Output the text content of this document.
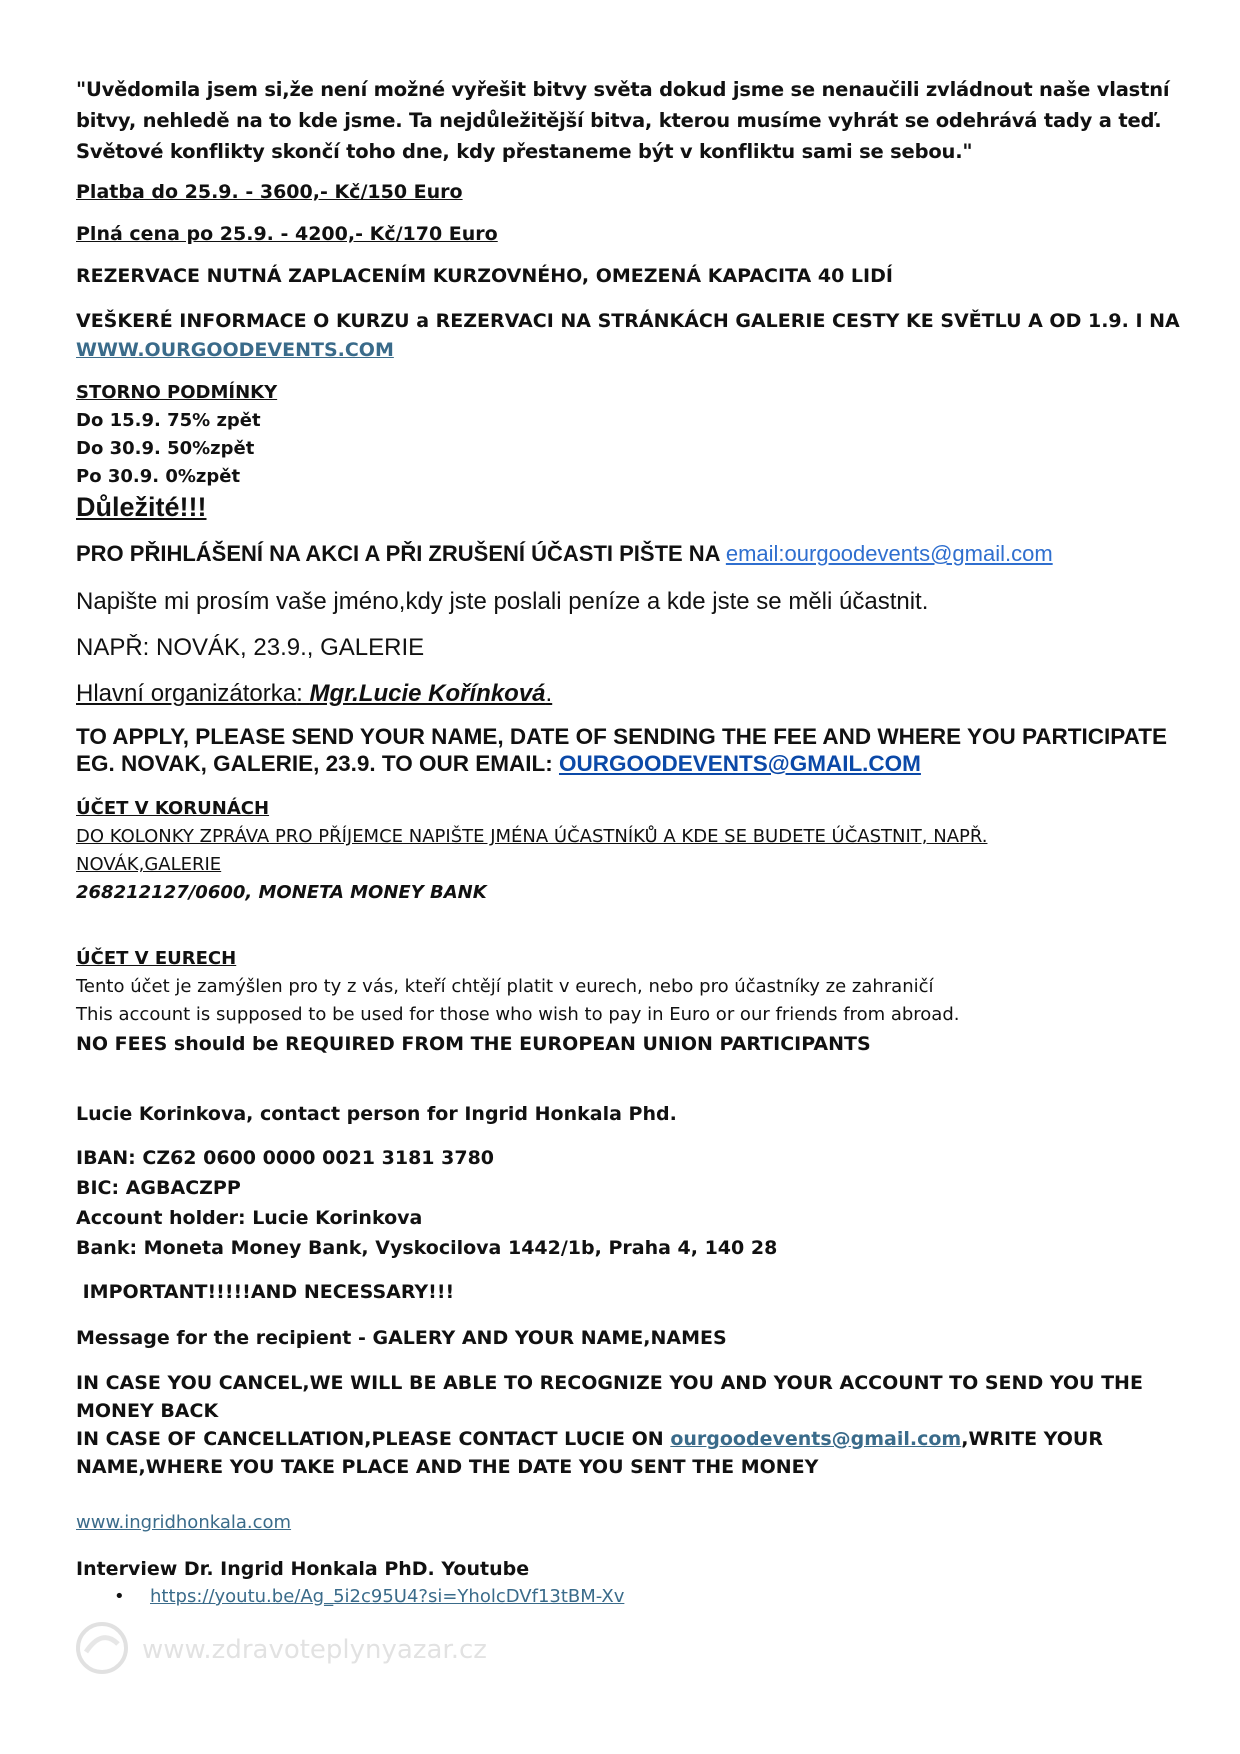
"Uvědomila jsem si,že není možné vyřešit bitvy světa dokud jsme se nenaučili zvládnout naše vlastní bitvy, nehledě na to kde jsme. Ta nejdůležitější bitva, kterou musíme vyhrát se odehrává tady a teď. Světové konflikty skončí toho dne, kdy přestaneme být v konfliktu sami se sebou."

Platba do 25.9. - 3600,- Kč/150 Euro

Plná cena po 25.9. - 4200,- Kč/170 Euro

REZERVACE NUTNÁ ZAPLACENÍM KURZOVNÉHO, OMEZENÁ KAPACITA 40 LIDÍ

VEŠKERÉ INFORMACE O KURZU a REZERVACI NA STRÁNKÁCH GALERIE CESTY KE SVĚTLU A OD 1.9. I NA
WWW.OURGOODEVENTS.COM

STORNO PODMÍNKY

Do 15.9. 75% zpět

Do 30.9. 50%zpět

Po 30.9. 0%zpět

Důležité!!!

PRO PŘIHLÁŠENÍ NA AKCI A PŘI ZRUŠENÍ ÚČASTI PIŠTE NA email:ourgoodevents@gmail.com

Napište mi prosím vaše jméno,kdy jste poslali peníze a kde jste se měli účastnit.

NAPŘ: NOVÁK, 23.9., GALERIE

Hlavní organizátorka: Mgr.Lucie Kořínková.

TO APPLY, PLEASE SEND YOUR NAME, DATE OF SENDING THE FEE AND WHERE YOU PARTICIPATE EG. NOVAK, GALERIE, 23.9. TO OUR EMAIL: OURGOODEVENTS@GMAIL.COM

ÚČET V KORUNÁCH

DO KOLONKY ZPRÁVA PRO PŘÍJEMCE NAPIŠTE JMÉNA ÚČASTNÍKŮ A KDE SE BUDETE ÚČASTNIT, NAPŘ. NOVÁK,GALERIE

268212127/0600, MONETA MONEY BANK

ÚČET V EURECH

Tento účet je zamýšlen pro ty z vás, kteří chtějí platit v eurech, nebo pro účastníky ze zahraničí

This account is supposed to be used for those who wish to pay in Euro or our friends from abroad.

NO FEES should be REQUIRED FROM THE EUROPEAN UNION PARTICIPANTS

Lucie Korinkova, contact person for Ingrid Honkala Phd.

IBAN: CZ62 0600 0000 0021 3181 3780

BIC: AGBACZPP

Account holder: Lucie Korinkova

Bank: Moneta Money Bank, Vyskocilova 1442/1b, Praha 4, 140 28

IMPORTANT!!!!!AND NECESSARY!!!

Message for the recipient - GALERY AND YOUR NAME,NAMES

IN CASE YOU CANCEL,WE WILL BE ABLE TO RECOGNIZE YOU AND YOUR ACCOUNT TO SEND YOU THE MONEY BACK

IN CASE OF CANCELLATION,PLEASE CONTACT LUCIE ON ourgoodevents@gmail.com,WRITE YOUR NAME,WHERE YOU TAKE PLACE AND THE DATE YOU SENT THE MONEY

www.ingridhonkala.com

Interview Dr. Ingrid Honkala PhD. Youtube

• https://youtu.be/Ag_5i2c95U4?si=YholcDVf13tBM-Xv

www.zdravoteplynyazar.cz
